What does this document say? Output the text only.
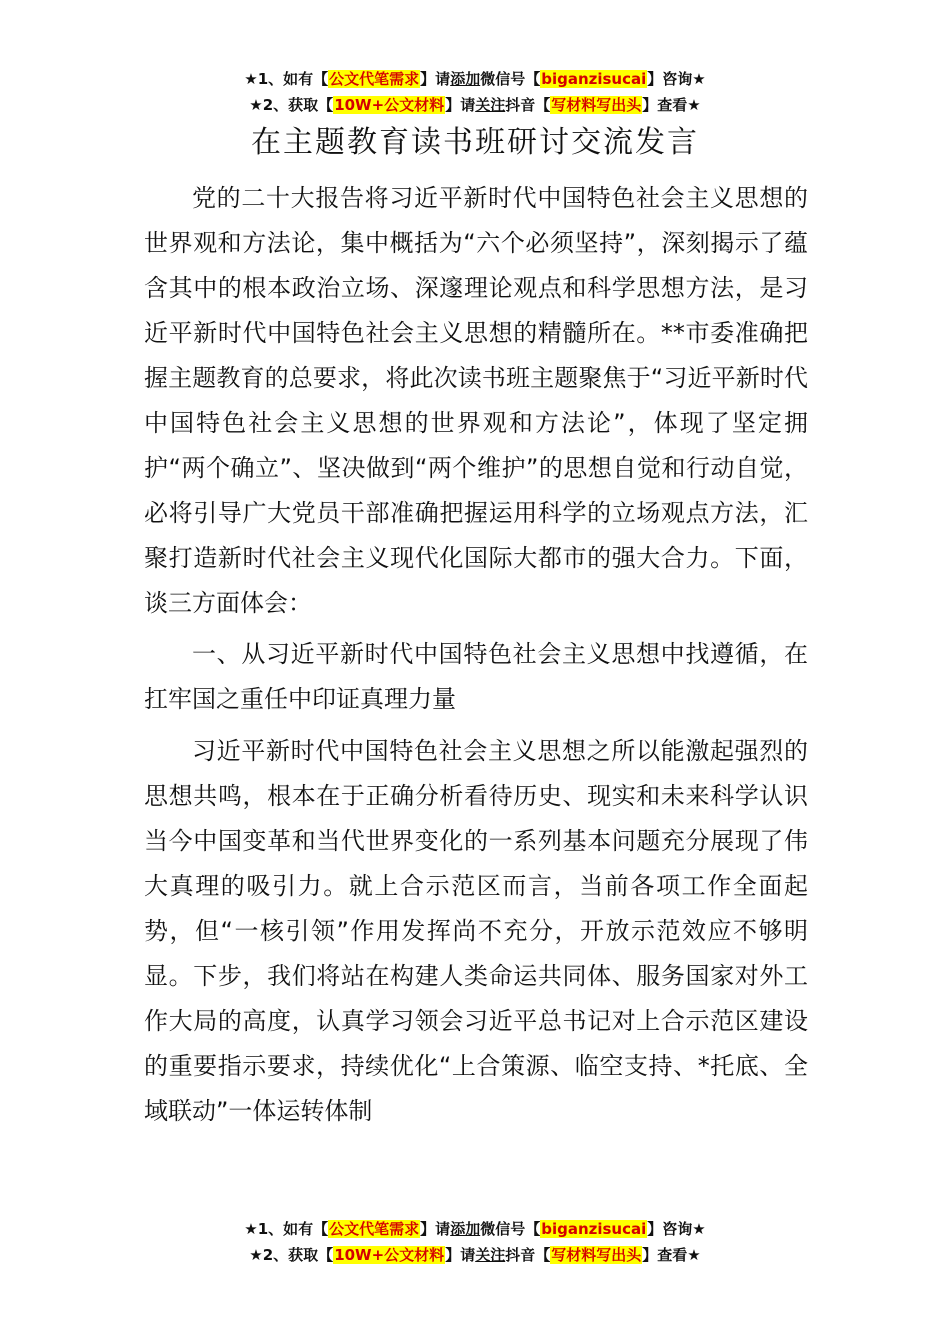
★1、如有【公文代笔需求】请添加微信号【biganzisucai】咨询★
★2、获取【10W+公文材料】请关注抖音【写材料写出头】查看★
在主题教育读书班研讨交流发言

党的二十大报告将习近平新时代中国特色社会主义思想的世界观和方法论，集中概括为“六个必须坚持”，深刻揭示了蕴含其中的根本政治立场、深邃理论观点和科学思想方法，是习近平新时代中国特色社会主义思想的精髓所在。**市委准确把握主题教育的总要求，将此次读书班主题聚焦于“习近平新时代中国特色社会主义思想的世界观和方法论”，体现了坚定拥护“两个确立”、坚决做到“两个维护”的思想自觉和行动自觉，必将引导广大党员干部准确把握运用科学的立场观点方法，汇聚打造新时代社会主义现代化国际大都市的强大合力。下面，谈三方面体会：

一、从习近平新时代中国特色社会主义思想中找遵循，在扛牢国之重任中印证真理力量

习近平新时代中国特色社会主义思想之所以能激起强烈的思想共鸣，根本在于正确分析看待历史、现实和未来科学认识当今中国变革和当代世界变化的一系列基本问题充分展现了伟大真理的吸引力。就上合示范区而言，当前各项工作全面起势，但“一核引领”作用发挥尚不充分，开放示范效应不够明显。下步，我们将站在构建人类命运共同体、服务国家对外工作大局的高度，认真学习领会习近平总书记对上合示范区建设的重要指示要求，持续优化“上合策源、临空支持、*托底、全域联动”一体运转体制

★1、如有【公文代笔需求】请添加微信号【biganzisucai】咨询★
★2、获取【10W+公文材料】请关注抖音【写材料写出头】查看★
